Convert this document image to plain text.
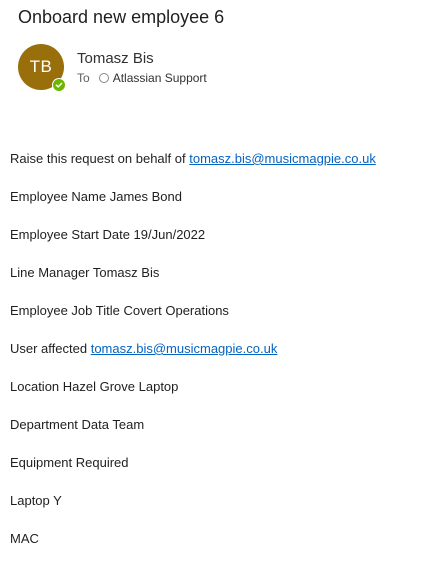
Onboard new employee 6
TB Tomasz Bis
To Atlassian Support
Raise this request on behalf of tomasz.bis@musicmagpie.co.uk
Employee Name James Bond
Employee Start Date 19/Jun/2022
Line Manager Tomasz Bis
Employee Job Title Covert Operations
User affected tomasz.bis@musicmagpie.co.uk
Location Hazel Grove Laptop
Department Data Team
Equipment Required
Laptop Y
MAC
